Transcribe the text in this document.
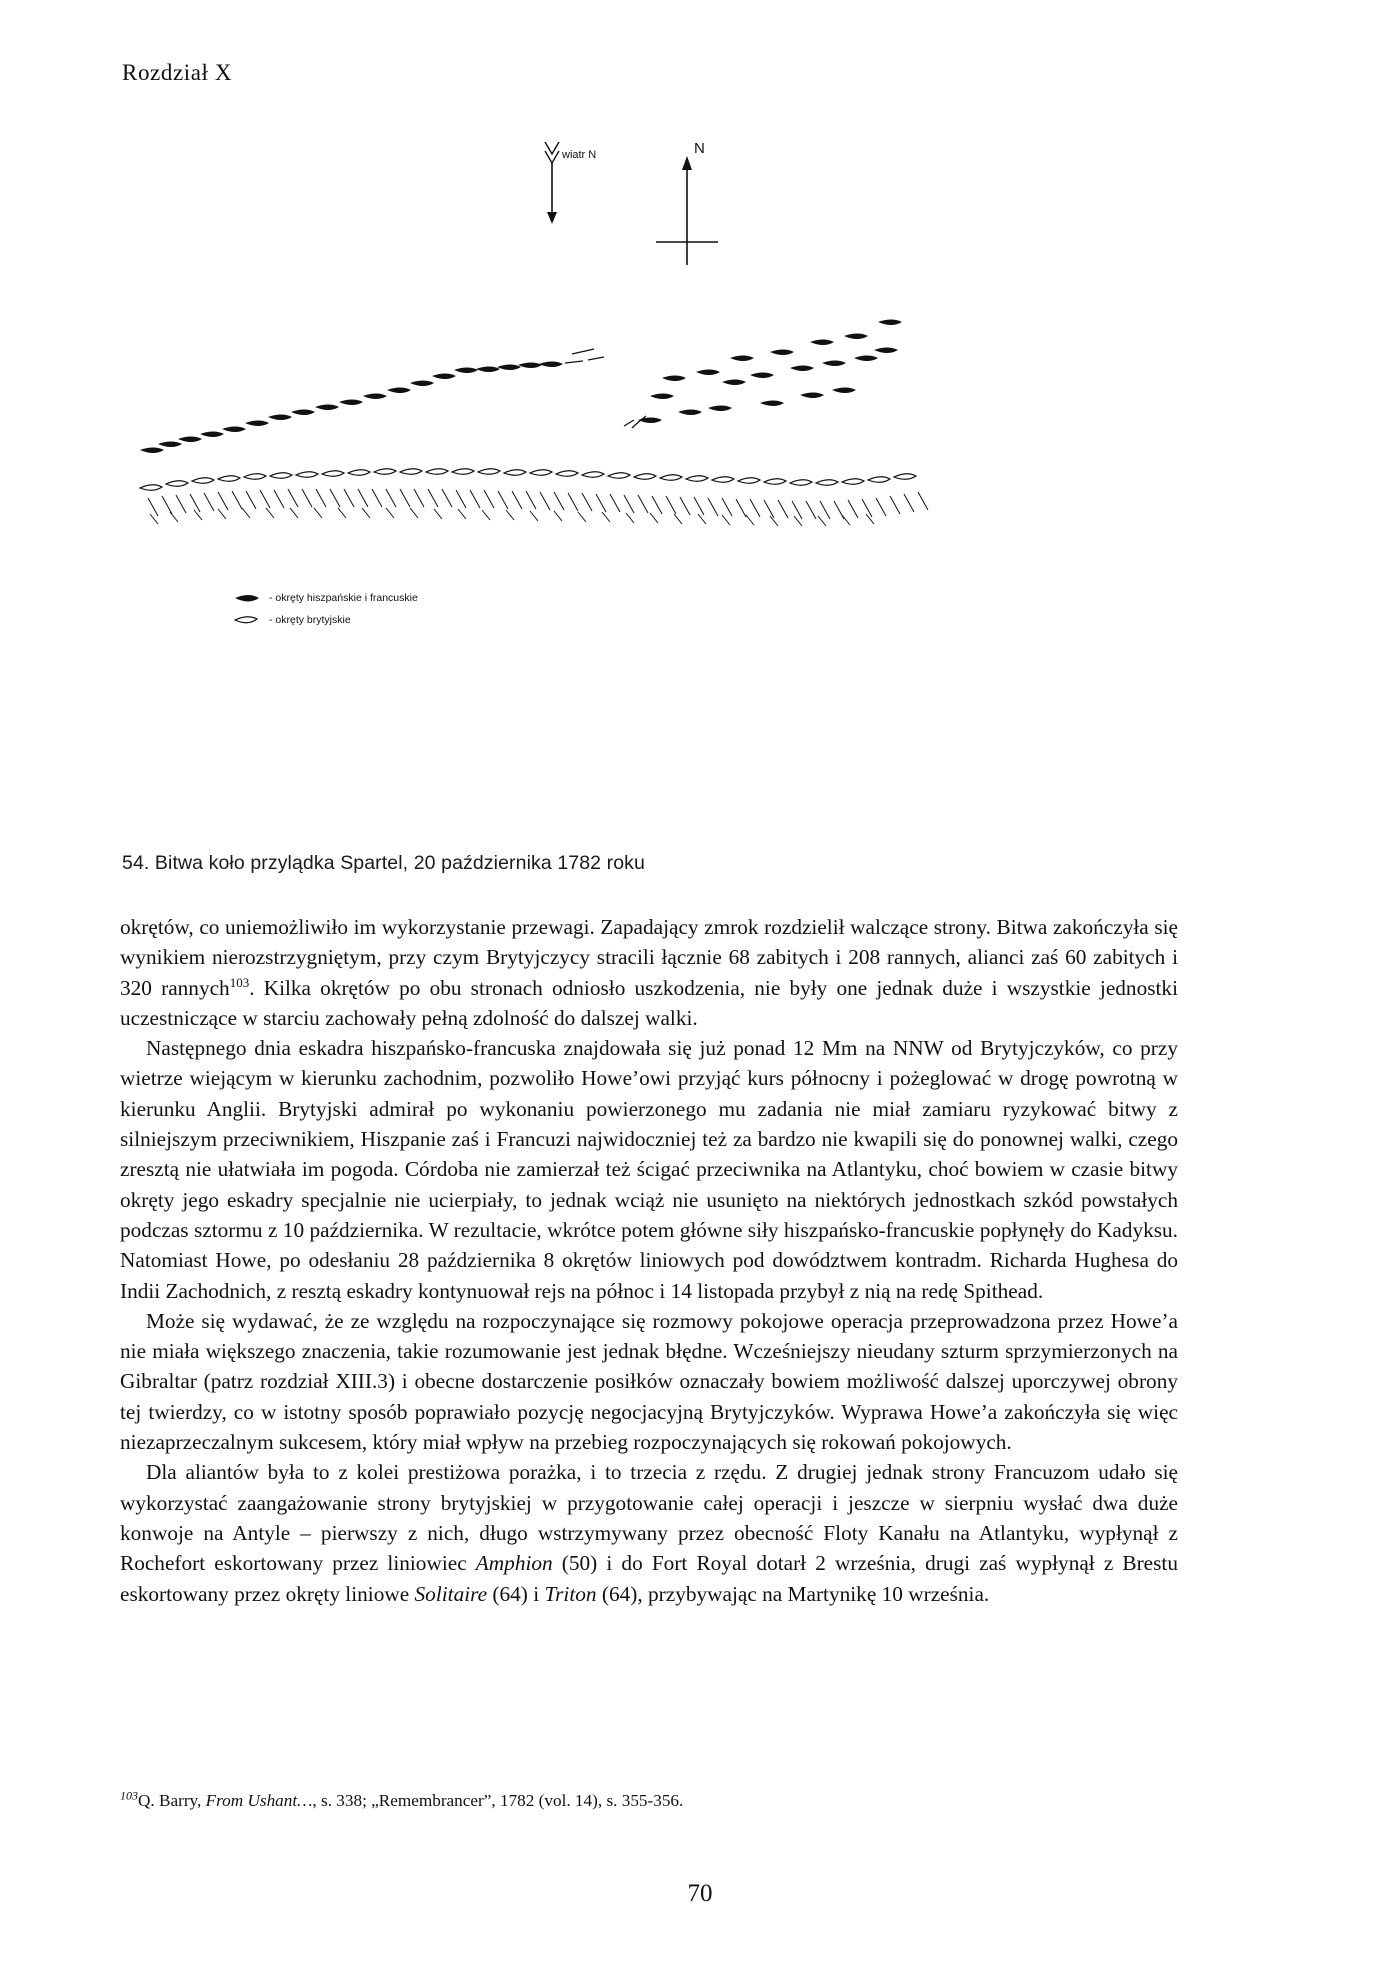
Rozdział X
wiatr N	N
- okręty hiszpańskie i francuskie
- okręty brytyjskie
54. Bitwa koło przylądka Spartel, 20 października 1782 roku

okrętów, co uniemożliwiło im wykorzystanie przewagi. Zapadający zmrok rozdzielił walczące strony. Bitwa zakończyła się wynikiem nierozstrzygniętym, przy czym Brytyjczycy stracili łącznie 68 zabitych i 208 rannych, alianci zaś 60 zabitych i 320 rannych$^{103}$. Kilka okrętów po obu stronach odniosło uszkodzenia, nie były one jednak duże i wszystkie jednostki uczestniczące w starciu zachowały pełną zdolność do dalszej walki.

Następnego dnia eskadra hiszpańsko-francuska znajdowała się już ponad 12 Mm na NNW od Brytyjczyków, co przy wietrze wiejącym w kierunku zachodnim, pozwoliło Howe’owi przyjąć kurs północny i pożeglować w drogę powrotną w kierunku Anglii. Brytyjski admirał po wykonaniu powierzonego mu zadania nie miał zamiaru ryzykować bitwy z silniejszym przeciwnikiem, Hiszpanie zaś i Francuzi najwidoczniej też za bardzo nie kwapili się do ponownej walki, czego zresztą nie ułatwiała im pogoda. Córdoba nie zamierzał też ścigać przeciwnika na Atlantyku, choć bowiem w czasie bitwy okręty jego eskadry specjalnie nie ucierpiały, to jednak wciąż nie usunięto na niektórych jednostkach szkód powstałych podczas sztormu z 10 października. W rezultacie, wkrótce potem główne siły hiszpańsko-francuskie popłynęły do Kadyksu. Natomiast Howe, po odesłaniu 28 października 8 okrętów liniowych pod dowództwem kontradm. Richarda Hughesa do Indii Zachodnich, z resztą eskadry kontynuował rejs na północ i 14 listopada przybył z nią na redę Spithead.

Może się wydawać, że ze względu na rozpoczynające się rozmowy pokojowe operacja przeprowadzona przez Howe’a nie miała większego znaczenia, takie rozumowanie jest jednak błędne. Wcześniejszy nieudany szturm sprzymierzonych na Gibraltar (patrz rozdział XIII.3) i obecne dostarczenie posiłków oznaczały bowiem możliwość dalszej uporczywej obrony tej twierdzy, co w istotny sposób poprawiało pozycję negocjacyjną Brytyjczyków. Wyprawa Howe’a zakończyła się więc niezaprzeczalnym sukcesem, który miał wpływ na przebieg rozpoczynających się rokowań pokojowych.

Dla aliantów była to z kolei prestiżowa porażka, i to trzecia z rzędu. Z drugiej jednak strony Francuzom udało się wykorzystać zaangażowanie strony brytyjskiej w przygotowanie całej operacji i jeszcze w sierpniu wysłać dwa duże konwoje na Antyle – pierwszy z nich, długo wstrzymywany przez obecność Floty Kanału na Atlantyku, wypłynął z Rochefort eskortowany przez liniowiec Amphion (50) i do Fort Royal dotarł 2 września, drugi zaś wypłynął z Brestu eskortowany przez okręty liniowe Solitaire (64) i Triton (64), przybywając na Martynikę 10 września.

$^{103}$Q. Barry, From Ushant…, s. 338; „Remembrancer”, 1782 (vol. 14), s. 355-356.
70
